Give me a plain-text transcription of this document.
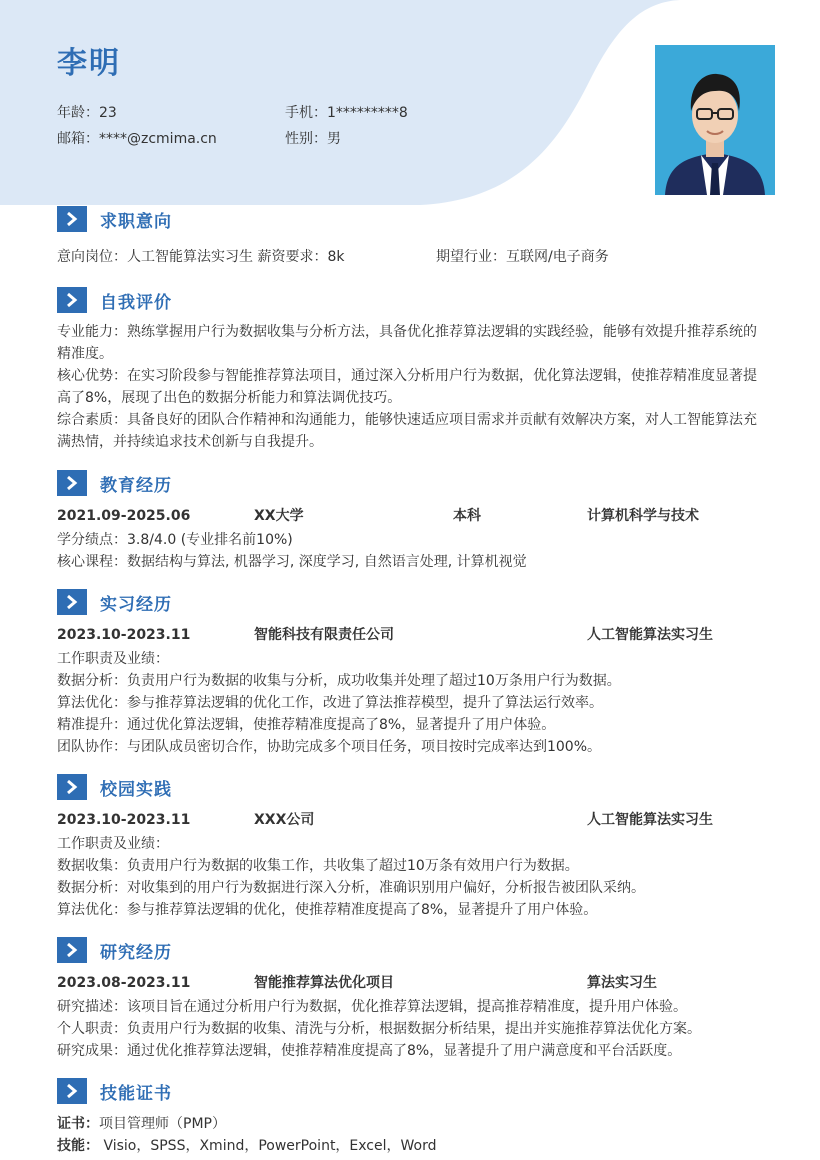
李明
年龄：23	手机：1*********8
邮箱：****@zcmima.cn	性别：男
求职意向
意向岗位：人工智能算法实习生 薪资要求：8k	期望行业：互联网/电子商务
自我评价

专业能力：熟练掌握用户行为数据收集与分析方法，具备优化推荐算法逻辑的实践经验，能够有效提升推荐系统的精准度。

核心优势：在实习阶段参与智能推荐算法项目，通过深入分析用户行为数据，优化算法逻辑，使推荐精准度显著提高了8%，展现了出色的数据分析能力和算法调优技巧。

综合素质：具备良好的团队合作精神和沟通能力，能够快速适应项目需求并贡献有效解决方案，对人工智能算法充满热情，并持续追求技术创新与自我提升。

教育经历
2021.09-2025.06	XX大学	本科	计算机科学与技术
学分绩点：3.8/4.0 (专业排名前10%)
核心课程：数据结构与算法, 机器学习, 深度学习, 自然语言处理, 计算机视觉
实习经历
2023.10-2023.11	智能科技有限责任公司	人工智能算法实习生
工作职责及业绩：
数据分析：负责用户行为数据的收集与分析，成功收集并处理了超过10万条用户行为数据。
算法优化：参与推荐算法逻辑的优化工作，改进了算法推荐模型，提升了算法运行效率。
精准提升：通过优化算法逻辑，使推荐精准度提高了8%，显著提升了用户体验。
团队协作：与团队成员密切合作，协助完成多个项目任务，项目按时完成率达到100%。
校园实践
2023.10-2023.11	XXX公司	人工智能算法实习生
工作职责及业绩：
数据收集：负责用户行为数据的收集工作，共收集了超过10万条有效用户行为数据。
数据分析：对收集到的用户行为数据进行深入分析，准确识别用户偏好，分析报告被团队采纳。
算法优化：参与推荐算法逻辑的优化，使推荐精准度提高了8%，显著提升了用户体验。
研究经历
2023.08-2023.11	智能推荐算法优化项目	算法实习生
研究描述：该项目旨在通过分析用户行为数据，优化推荐算法逻辑，提高推荐精准度，提升用户体验。
个人职责：负责用户行为数据的收集、清洗与分析，根据数据分析结果，提出并实施推荐算法优化方案。
研究成果：通过优化推荐算法逻辑，使推荐精准度提高了8%，显著提升了用户满意度和平台活跃度。
技能证书
证书：项目管理师（PMP）
技能： Visio，SPSS，Xmind，PowerPoint，Excel，Word
